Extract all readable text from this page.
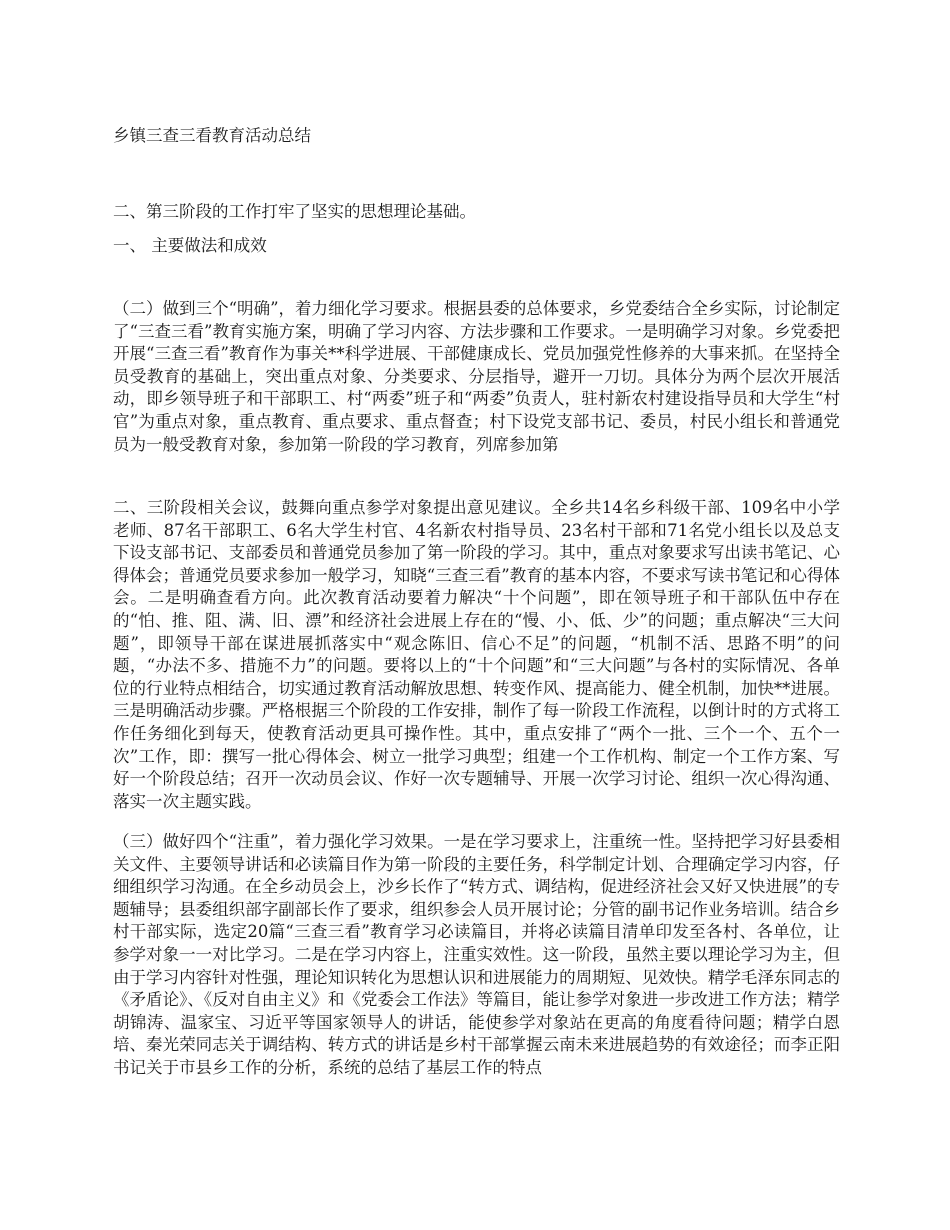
乡镇三查三看教育活动总结
二、第三阶段的工作打牢了坚实的思想理论基础。
一、 主要做法和成效

（二）做到三个“明确”，着力细化学习要求。根据县委的总体要求，乡党委结合全乡实际，讨论制定了“三查三看”教育实施方案，明确了学习内容、方法步骤和工作要求。一是明确学习对象。乡党委把开展“三查三看”教育作为事关**科学进展、干部健康成长、党员加强党性修养的大事来抓。在坚持全员受教育的基础上，突出重点对象、分类要求、分层指导，避开一刀切。具体分为两个层次开展活动，即乡领导班子和干部职工、村“两委”班子和“两委”负责人，驻村新农村建设指导员和大学生“村官”为重点对象，重点教育、重点要求、重点督查；村下设党支部书记、委员，村民小组长和普通党员为一般受教育对象，参加第一阶段的学习教育，列席参加第

二、三阶段相关会议，鼓舞向重点参学对象提出意见建议。全乡共14名乡科级干部、109名中小学老师、87名干部职工、6名大学生村官、4名新农村指导员、23名村干部和71名党小组长以及总支下设支部书记、支部委员和普通党员参加了第一阶段的学习。其中，重点对象要求写出读书笔记、心得体会；普通党员要求参加一般学习，知晓“三查三看”教育的基本内容，不要求写读书笔记和心得体会。二是明确查看方向。此次教育活动要着力解决“十个问题”，即在领导班子和干部队伍中存在的“怕、推、阻、满、旧、漂”和经济社会进展上存在的“慢、小、低、少”的问题；重点解决“三大问题”，即领导干部在谋进展抓落实中“观念陈旧、信心不足”的问题，“机制不活、思路不明”的问题，“办法不多、措施不力”的问题。要将以上的“十个问题”和“三大问题”与各村的实际情况、各单位的行业特点相结合，切实通过教育活动解放思想、转变作风、提高能力、健全机制，加快**进展。三是明确活动步骤。严格根据三个阶段的工作安排，制作了每一阶段工作流程，以倒计时的方式将工作任务细化到每天，使教育活动更具可操作性。其中，重点安排了“两个一批、三个一个、五个一次”工作，即：撰写一批心得体会、树立一批学习典型；组建一个工作机构、制定一个工作方案、写好一个阶段总结；召开一次动员会议、作好一次专题辅导、开展一次学习讨论、组织一次心得沟通、落实一次主题实践。

（三）做好四个“注重”，着力强化学习效果。一是在学习要求上，注重统一性。坚持把学习好县委相关文件、主要领导讲话和必读篇目作为第一阶段的主要任务，科学制定计划、合理确定学习内容，仔细组织学习沟通。在全乡动员会上，沙乡长作了“转方式、调结构，促进经济社会又好又快进展”的专题辅导；县委组织部字副部长作了要求，组织参会人员开展讨论；分管的副书记作业务培训。结合乡村干部实际，选定20篇“三查三看”教育学习必读篇目，并将必读篇目清单印发至各村、各单位，让参学对象一一对比学习。二是在学习内容上，注重实效性。这一阶段，虽然主要以理论学习为主，但由于学习内容针对性强，理论知识转化为思想认识和进展能力的周期短、见效快。精学毛泽东同志的《矛盾论》、《反对自由主义》和《党委会工作法》等篇目，能让参学对象进一步改进工作方法；精学胡锦涛、温家宝、习近平等国家领导人的讲话，能使参学对象站在更高的角度看待问题；精学白恩培、秦光荣同志关于调结构、转方式的讲话是乡村干部掌握云南未来进展趋势的有效途径；而李正阳书记关于市县乡工作的分析，系统的总结了基层工作的特点
